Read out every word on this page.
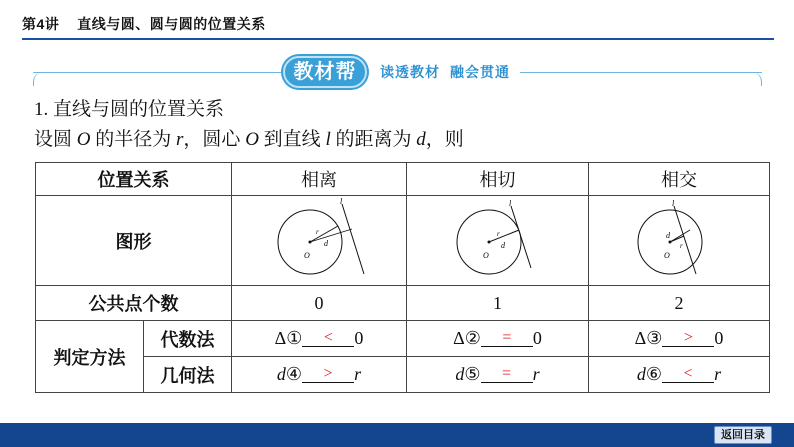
第4讲 直线与圆、圆与圆的位置关系
教材帮	读透教材 融会贯通
1. 直线与圆的位置关系
设圆 O 的半径为 r，圆心 O 到直线 l 的距离为 d，则
位置关系		相离	相切	相交
图形		O
d
r
l	O
d
r
l	O
d
r
l

公共点个数		0	1	2
判定方法	代数法	Δ① < 0	Δ② = 0	Δ③ > 0
	几何法	d④ > r	d⑤ = r	d⑥ < r
返回目录
